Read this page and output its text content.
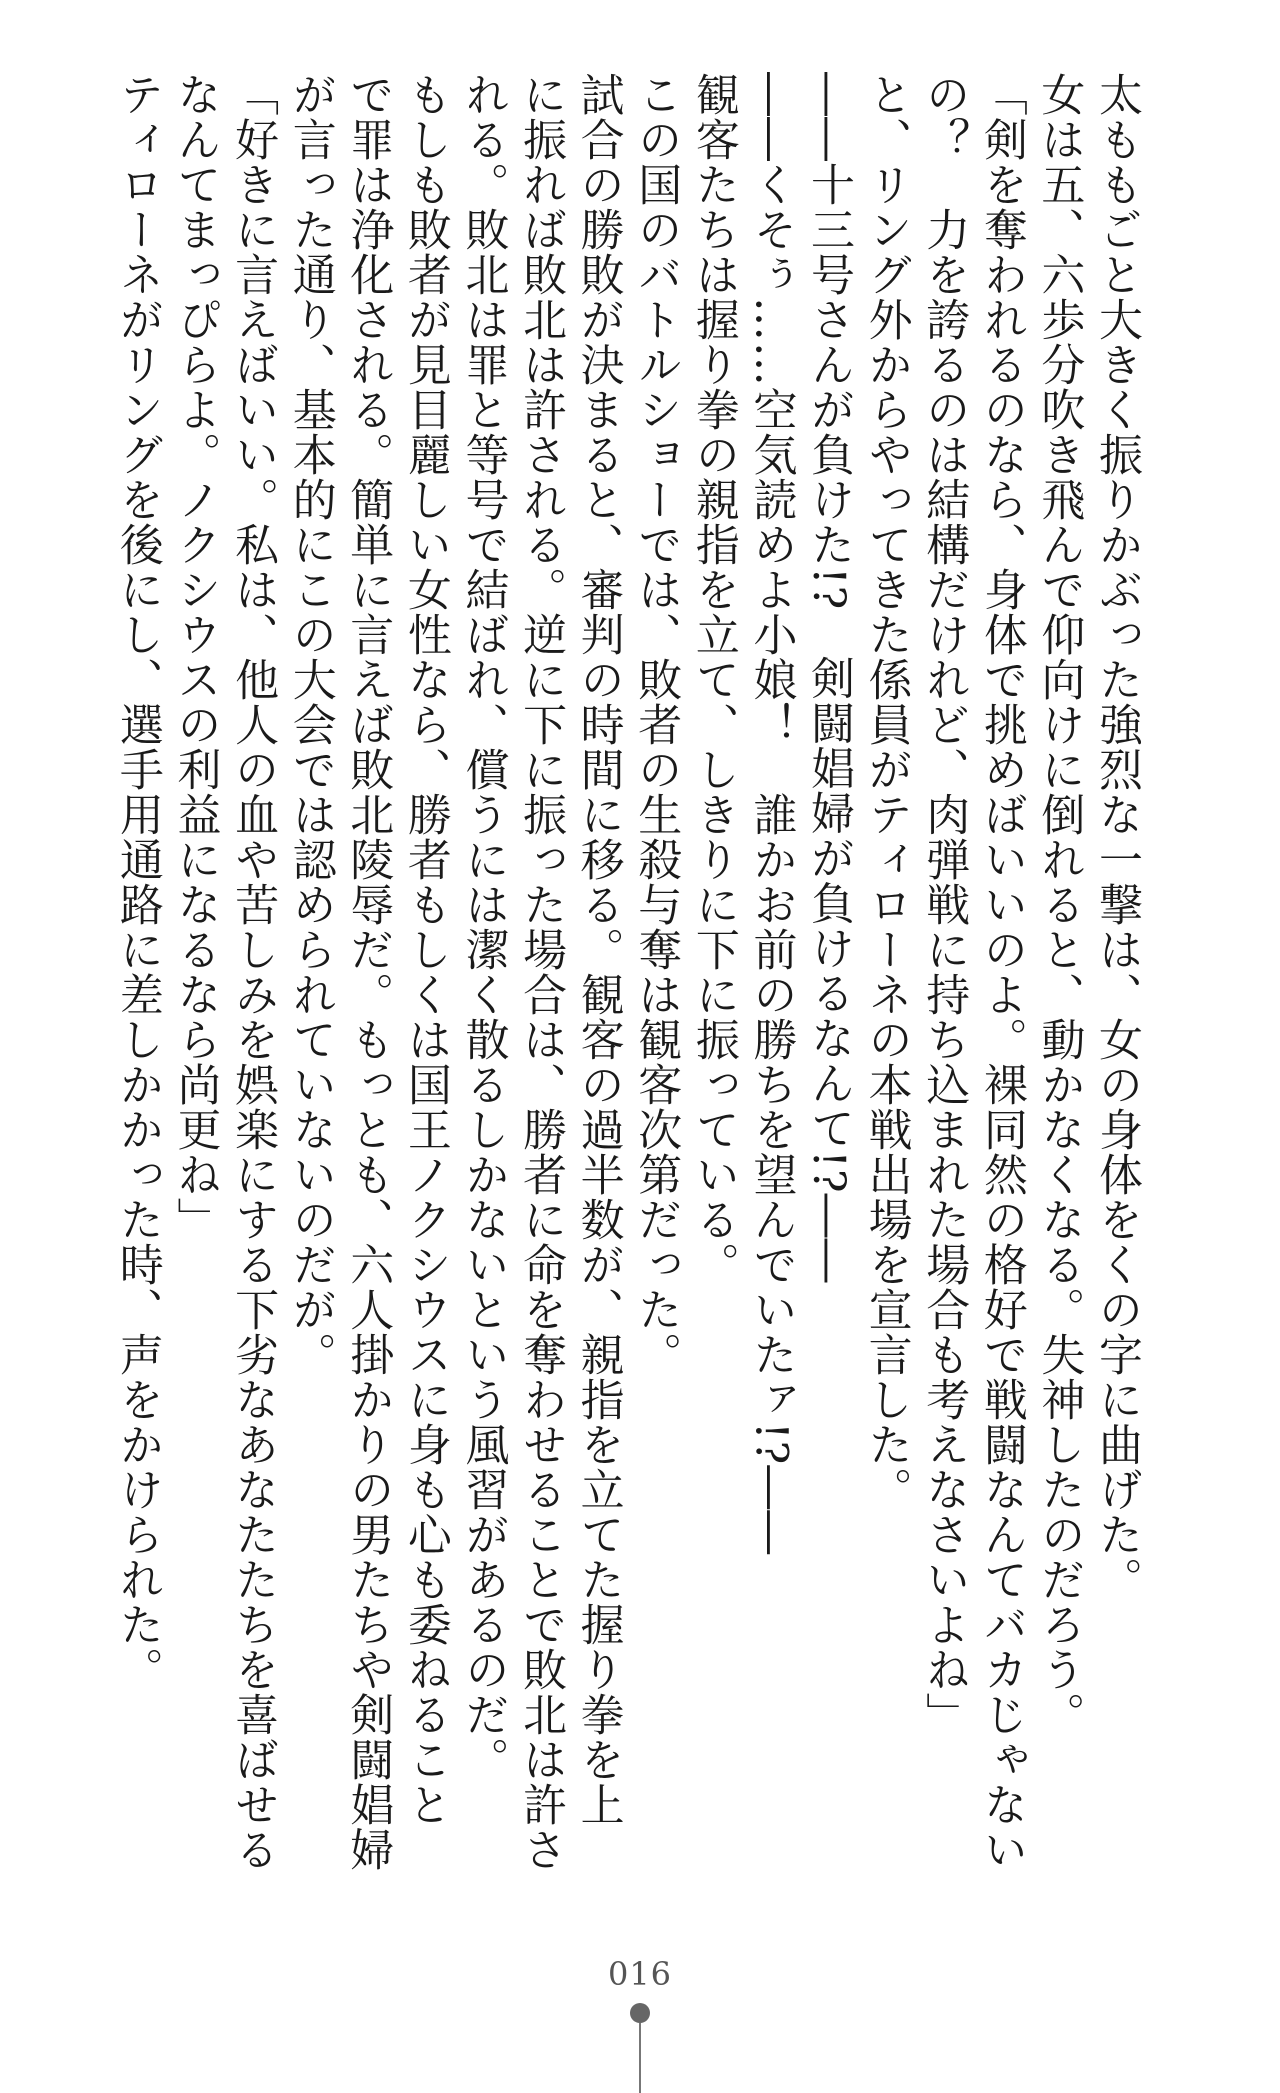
太ももごと大きく振りかぶった強烈な一撃は、女の身体をくの字に曲げた。
女は五、六歩分吹き飛んで仰向けに倒れると、動かなくなる。失神したのだろう。
「剣を奪われるのなら、身体で挑めばいいのよ。裸同然の格好で戦闘なんてバカじゃない
の？　力を誇るのは結構だけれど、肉弾戦に持ち込まれた場合も考えなさいよね」
と、リング外からやってきた係員がティローネの本戦出場を宣言した。
――十三号さんが負けた!?　剣闘娼婦が負けるなんて!?――
――くそぅ……空気読めよ小娘！　誰かお前の勝ちを望んでいたァ!?――
観客たちは握り拳の親指を立て、しきりに下に振っている。
この国のバトルショーでは、敗者の生殺与奪は観客次第だった。
試合の勝敗が決まると、審判の時間に移る。観客の過半数が、親指を立てた握り拳を上
に振れば敗北は許される。逆に下に振った場合は、勝者に命を奪わせることで敗北は許さ
れる。敗北は罪と等号で結ばれ、償うには潔く散るしかないという風習があるのだ。
もしも敗者が見目麗しい女性なら、勝者もしくは国王ノクシウスに身も心も委ねること
で罪は浄化される。簡単に言えば敗北陵辱だ。もっとも、六人掛かりの男たちや剣闘娼婦
が言った通り、基本的にこの大会では認められていないのだが。
「好きに言えばいい。私は、他人の血や苦しみを娯楽にする下劣なあなたたちを喜ばせる
なんてまっぴらよ。ノクシウスの利益になるなら尚更ね」
ティローネがリングを後にし、選手用通路に差しかかった時、声をかけられた。
016
